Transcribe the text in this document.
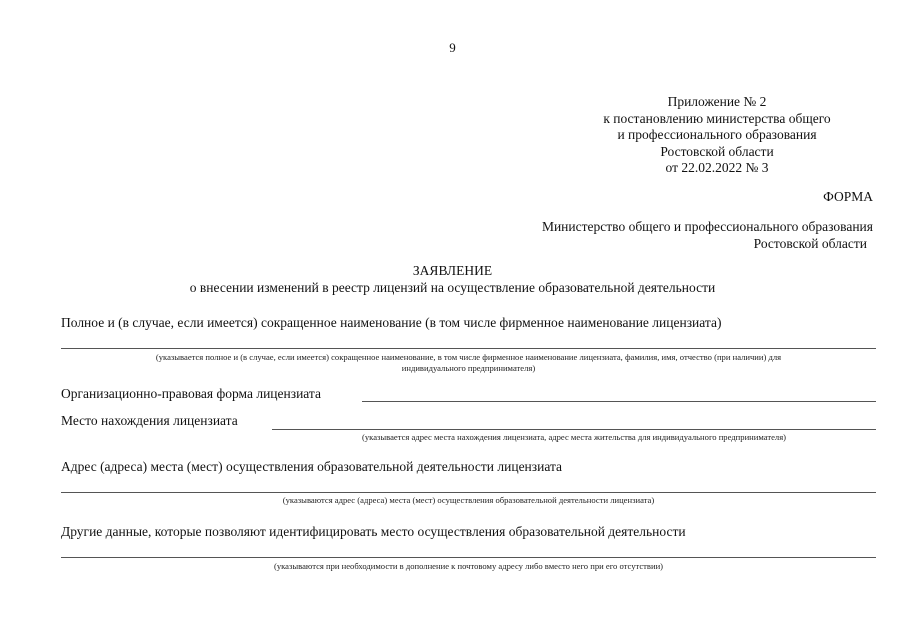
9
Приложение № 2
к постановлению министерства общего
и профессионального образования
Ростовской области
от 22.02.2022 № 3
ФОРМА
Министерство общего и профессионального образования
Ростовской области
ЗАЯВЛЕНИЕ
о внесении изменений в реестр лицензий на осуществление образовательной деятельности
Полное и (в случае, если имеется) сокращенное наименование (в том числе фирменное наименование лицензиата)
(указывается полное и (в случае, если имеется) сокращенное наименование, в том числе фирменное наименование лицензиата, фамилия, имя, отчество (при наличии) для
индивидуального предпринимателя)
Организационно-правовая форма лицензиата
Место нахождения лицензиата
(указывается адрес места нахождения лицензиата, адрес места жительства для индивидуального предпринимателя)
Адрес (адреса) места (мест) осуществления образовательной деятельности лицензиата
(указываются адрес (адреса) места (мест) осуществления образовательной деятельности лицензиата)
Другие данные, которые позволяют идентифицировать место осуществления образовательной деятельности
(указываются при необходимости в дополнение к почтовому адресу либо вместо него при его отсутствии)
